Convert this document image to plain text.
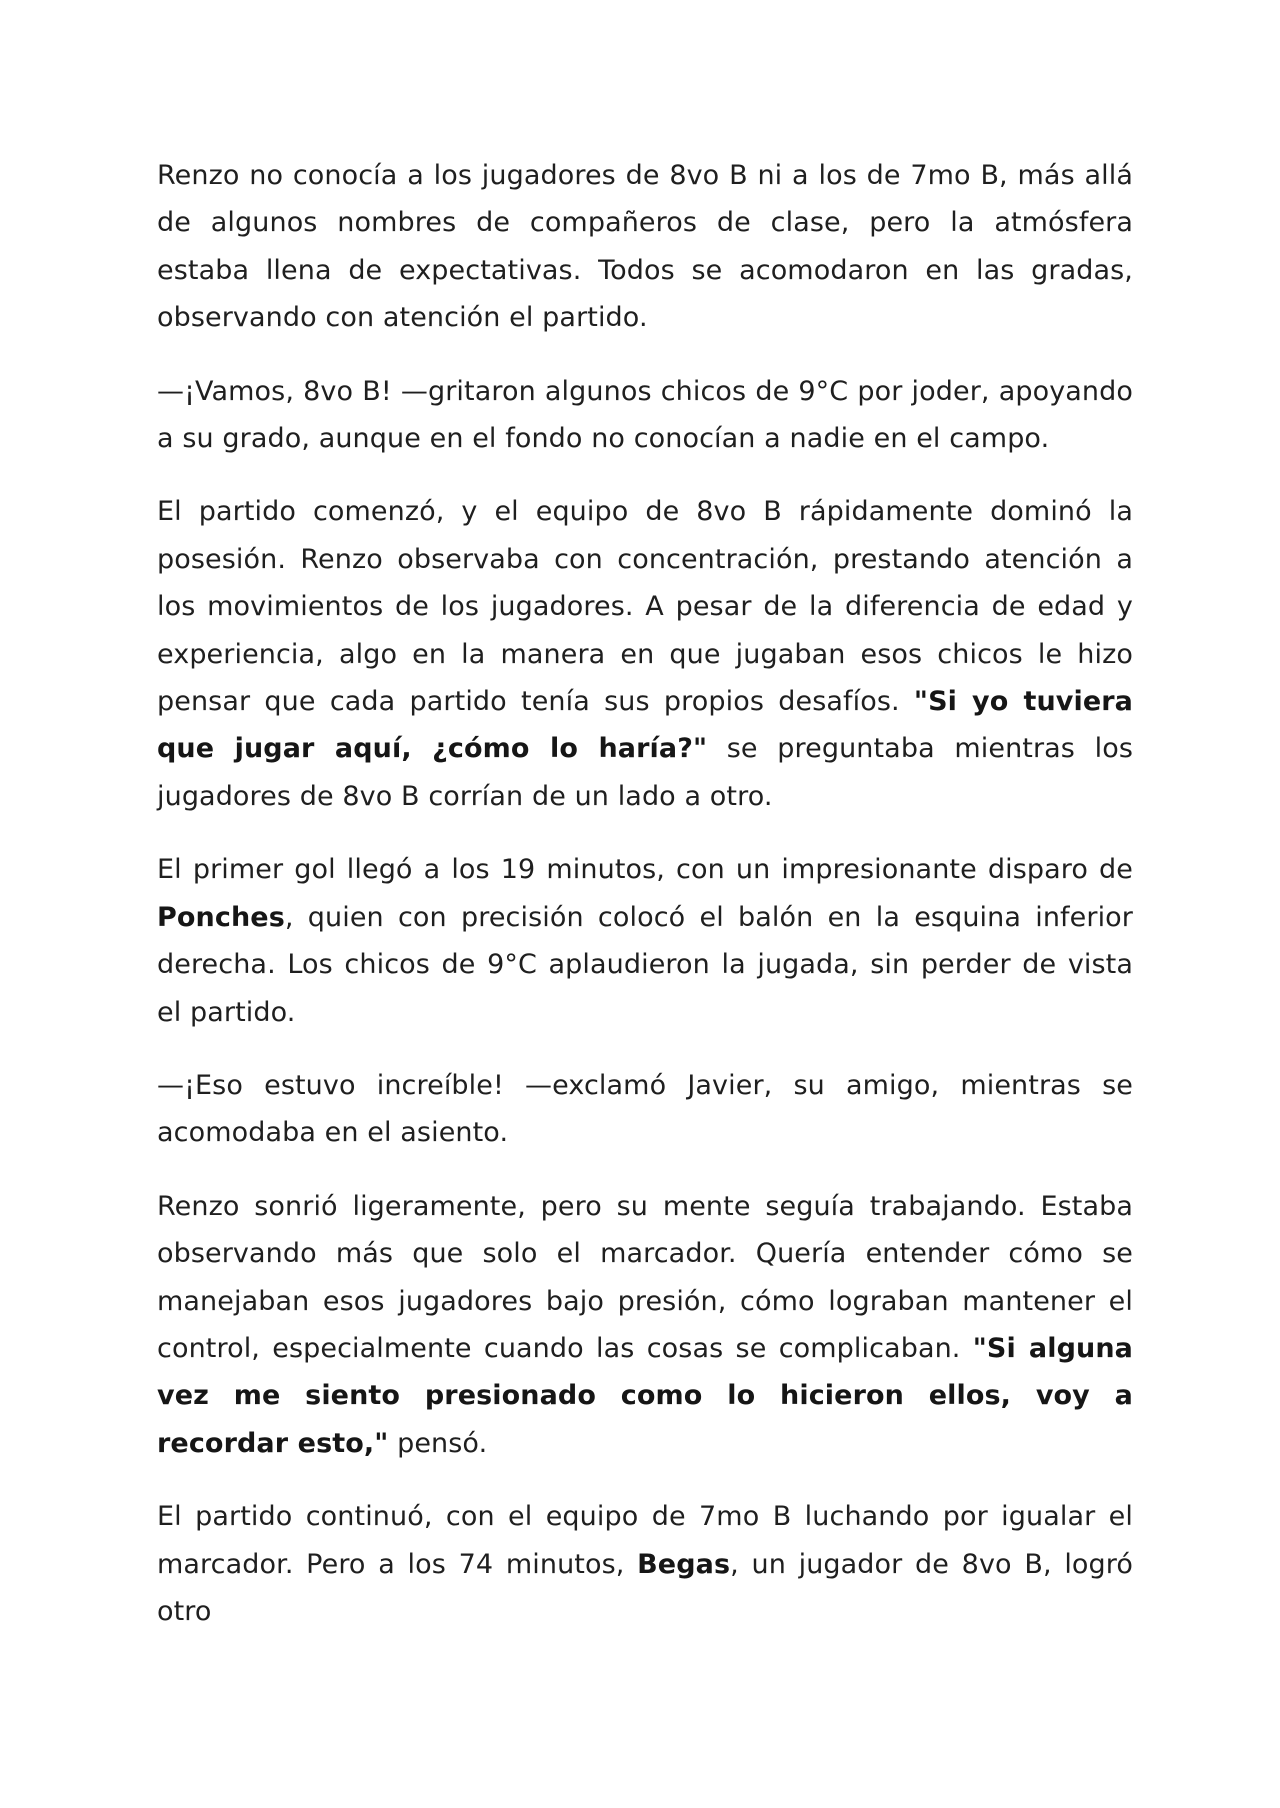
Renzo no conocía a los jugadores de 8vo B ni a los de 7mo B, más allá de algunos nombres de compañeros de clase, pero la atmósfera estaba llena de expectativas. Todos se acomodaron en las gradas, observando con atención el partido.

—¡Vamos, 8vo B! —gritaron algunos chicos de 9°C por joder, apoyando a su grado, aunque en el fondo no conocían a nadie en el campo.

El partido comenzó, y el equipo de 8vo B rápidamente dominó la posesión. Renzo observaba con concentración, prestando atención a los movimientos de los jugadores. A pesar de la diferencia de edad y experiencia, algo en la manera en que jugaban esos chicos le hizo pensar que cada partido tenía sus propios desafíos. "Si yo tuviera que jugar aquí, ¿cómo lo haría?" se preguntaba mientras los jugadores de 8vo B corrían de un lado a otro.

El primer gol llegó a los 19 minutos, con un impresionante disparo de Ponches, quien con precisión colocó el balón en la esquina inferior derecha. Los chicos de 9°C aplaudieron la jugada, sin perder de vista el partido.

—¡Eso estuvo increíble! —exclamó Javier, su amigo, mientras se acomodaba en el asiento.

Renzo sonrió ligeramente, pero su mente seguía trabajando. Estaba observando más que solo el marcador. Quería entender cómo se manejaban esos jugadores bajo presión, cómo lograban mantener el control, especialmente cuando las cosas se complicaban. "Si alguna vez me siento presionado como lo hicieron ellos, voy a recordar esto," pensó.

El partido continuó, con el equipo de 7mo B luchando por igualar el marcador. Pero a los 74 minutos, Begas, un jugador de 8vo B, logró otro
